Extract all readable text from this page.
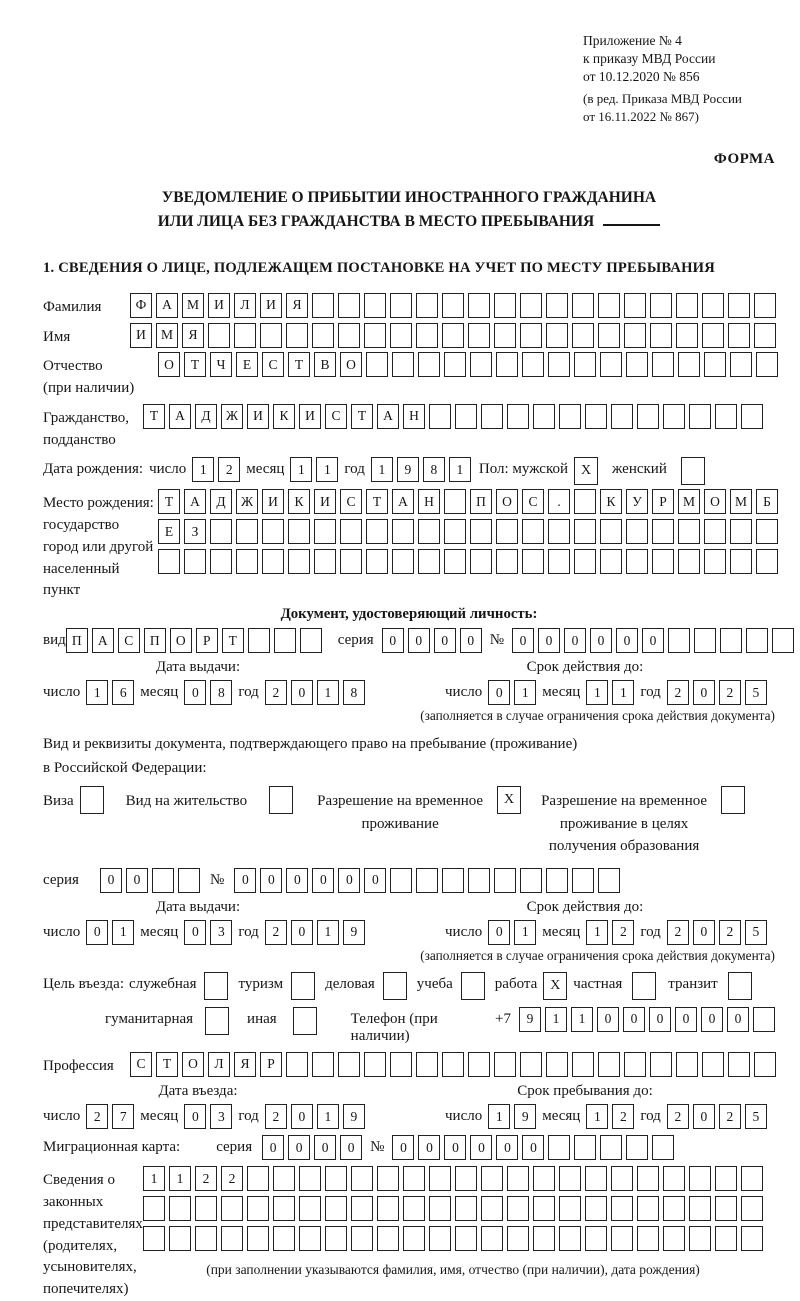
Приложение № 4
к приказу МВД России
от 10.12.2020 № 856
(в ред. Приказа МВД России
от 16.11.2022 № 867)
ФОРМА
УВЕДОМЛЕНИЕ О ПРИБЫТИИ ИНОСТРАННОГО ГРАЖДАНИНА
ИЛИ ЛИЦА БЕЗ ГРАЖДАНСТВА В МЕСТО ПРЕБЫВАНИЯ
1. СВЕДЕНИЯ О ЛИЦЕ, ПОДЛЕЖАЩЕМ ПОСТАНОВКЕ НА УЧЕТ ПО МЕСТУ ПРЕБЫВАНИЯ
Фамилия	Ф	А	М	И	Л	И	Я
Имя	И	М	Я
Отчество
(при наличии)
О	Т	Ч	Е	С	Т	В	О
Гражданство,
подданство
Т	А	Д	Ж	И	К	И	С	Т	А	Н
Дата рождения: число	1	2 месяц	1	1 год	1	9	8	1	Пол: мужской X	женский
Место рождения:
государство
город или другой
населенный пункт
Т	А	Д	Ж	И	К	И	С	Т	А	Н	П	О	С	.	К	У	Р	М	О	М	Б
Е	З
Документ, удостоверяющий личность:
вид П	А	С	П	О	Р	Т	серия	0	0	0	0	№	0	0	0	0	0	0
Дата выдачи:
число	1	6 месяц	0	8 год	2	0	1	8
Срок действия до:
число	0	1 месяц	1	1 год	2	0	2	5
(заполняется в случае ограничения срока действия документа)
Вид и реквизиты документа, подтверждающего право на пребывание (проживание)
в Российской Федерации:
Виза	Вид на жительство	Разрешение на временное
проживание
X	Разрешение на временное
проживание в целях
получения образования
серия	0	0	№	0	0	0	0	0	0
Дата выдачи:
число	0	1 месяц	0	3 год	2	0	1	9
Срок действия до:
число	0	1 месяц	1	2 год	2	0	2	5
(заполняется в случае ограничения срока действия документа)
Цель въезда: служебная	туризм	деловая	учеба	работа X частная	транзит
гуманитарная	иная	Телефон (при наличии)
+7	9	1	1	0	0	0	0	0	0
Профессия	С	Т	О	Л	Я	Р
Дата въезда:
число	2	7 месяц	0	3 год	2	0	1	9
Срок пребывания до:
число	1	9 месяц	1	2 год	2	0	2	5
Миграционная карта: серия	0	0	0	0	№	0	0	0	0	0	0
Сведения о
законных
представителях
(родителях,
усыновителях,
попечителях)
1	1	2	2
(при заполнении указываются фамилия, имя, отчество (при наличии), дата рождения)
